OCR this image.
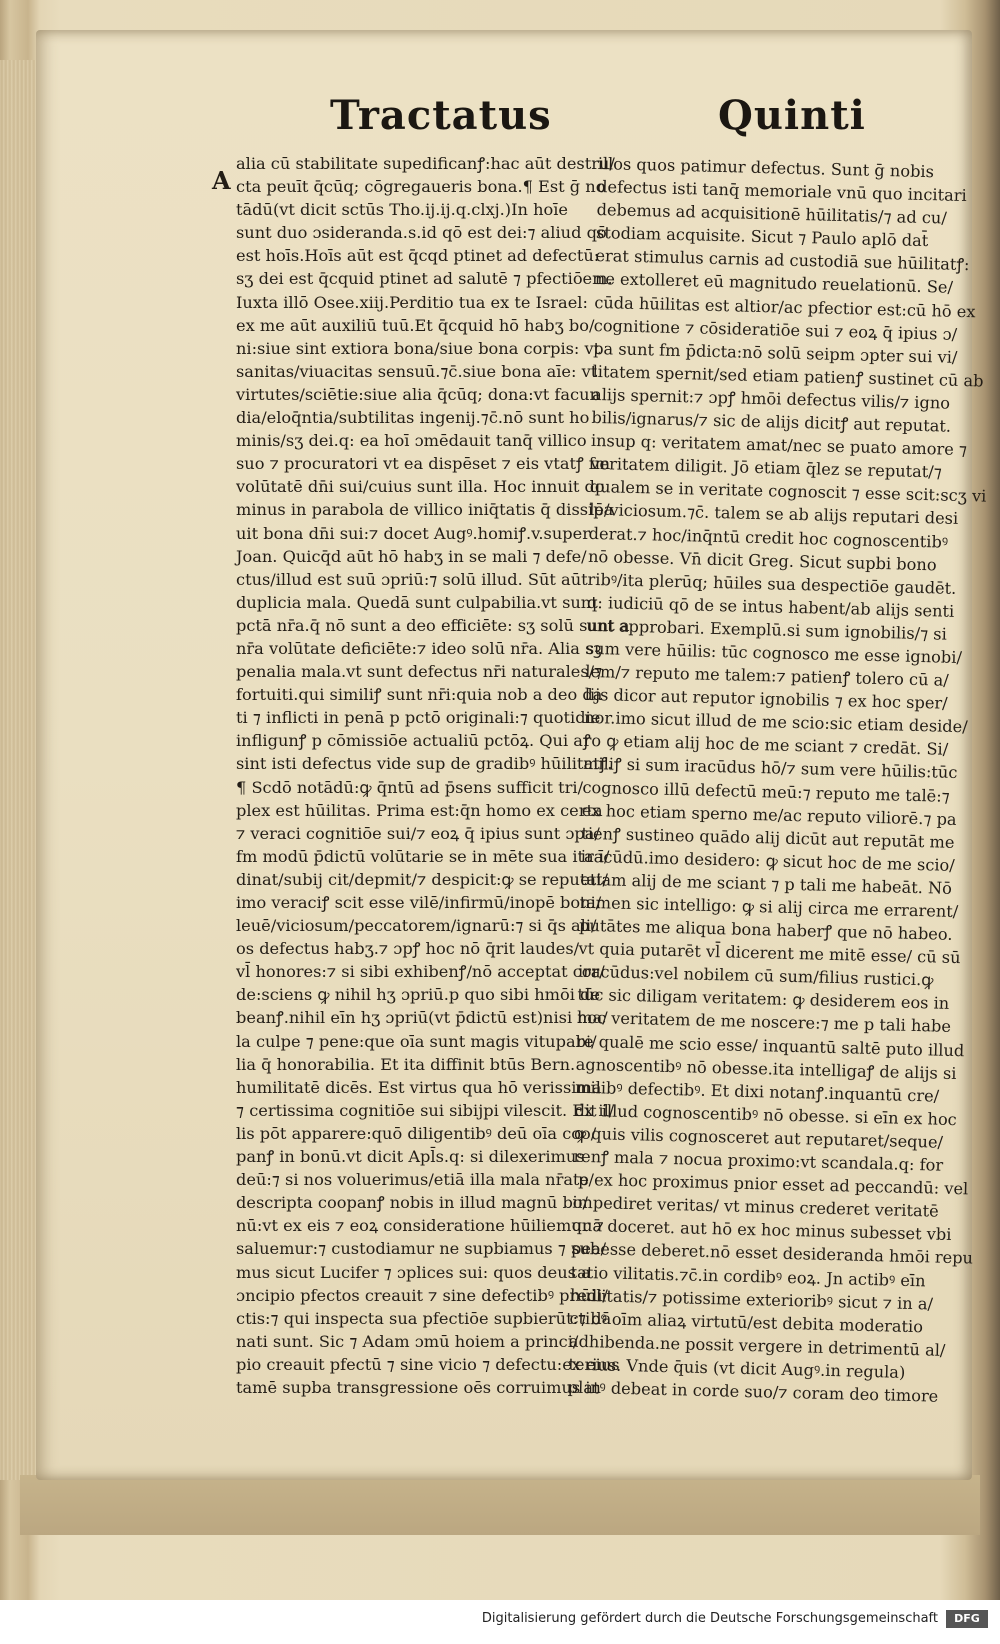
Tractatus	Quinti
A
alia cū stabilitate supedificanꝭ:hac aūt destru/
cta peuīt q̄cūq; cōgregaueris bona.¶ Est ḡ no
tādū(vt dicit sctūs Tho.ij.ij.q.clxj.)In hoīe
sunt duo ɔsideranda.s.id qō est dei:⁊ aliud qō
est hoīs.Hoīs aūt est q̄cqd ptinet ad defectū:
sʒ dei est q̄cquid ptinet ad salutē ⁊ pfectiōem.
Iuxta illō Osee.xiij.Perditio tua ex te Israel:
ex me aūt auxiliū tuū.Et q̄cquid hō habʒ bo/
ni:siue sint extiora bona/siue bona corpis: vt
sanitas/viuacitas sensuū.⁊c̄.siue bona aīe: vt
virtutes/sciētie:siue alia q̄cūq; dona:vt facun
dia/eloq̄ntia/subtilitas ingenij.⁊c̄.nō sunt ho
minis/sʒ dei.q: ea hoī ɔmēdauit tanq̄ villico
suo ⁊ procuratori vt ea dispēset ⁊ eis vtatꝭ fm
volūtatē dn̄i sui/cuius sunt illa. Hoc innuit do
minus in parabola de villico iniq̄tatis q̄ dissipa
uit bona dn̄i sui:⁊ docet Augꝰ.homiꝭ.v.super
Joan. Quicq̄d aūt hō habʒ in se mali ⁊ defe/
ctus/illud est suū ɔpriū:⁊ solū illud. Sūt aūt
duplicia mala. Quedā sunt culpabilia.vt sunt
pctā nr̄a.q̄ nō sunt a deo efficiēte: sʒ solū sunt a
nr̄a volūtate deficiēte:⁊ ideo solū nr̄a. Alia sꝫ
penalia mala.vt sunt defectus nr̄i naturales/⁊
fortuiti.qui similiꝭ sunt nr̄i:quia nob a deo da
ti ⁊ inflicti in penā p pctō originali:⁊ quotidie
infligunꝭ p cōmissiōe actualiū pctōꝝ. Qui aꝭ
sint isti defectus vide sup de gradibꝰ hūilitatꝭ.
¶ Scdō notādū:ꝙ q̄ntū ad p̄sens sufficit tri/
plex est hūilitas. Prima est:q̄n homo ex certa
⁊ veraci cognitiōe sui/⁊ eoꝝ q̄ ipius sunt ɔpa/
fm modū p̄dictū volūtarie se in mēte sua ita ī/
dinat/subij cit/depmit/⁊ despicit:ꝙ se reputat/
imo veraciꝭ scit esse vilē/infirmū/inopē boni/
leuē/viciosum/peccatorem/ignarū:⁊ si q̄s ali/
os defectus habʒ.⁊ ɔpꝭ hoc nō q̄rit laudes/
vl̄ honores:⁊ si sibi exhibenꝭ/nō acceptat cor/
de:sciens ꝙ nihil hʒ ɔpriū.p quo sibi hmōi de
beanꝭ.nihil eīn hʒ ɔpriū(vt p̄dictū est)nisi ma/
la culpe ⁊ pene:que oīa sunt magis vitupabi/
lia q̄ honorabilia. Et ita diffinit btūs Bern.
humilitatē dicēs. Est virtus qua hō verissima
⁊ certissima cognitiōe sui sibijpi vilescit. Ex il/
lis pōt apparere:quō diligentibꝰ deū oīa coo/
panꝭ in bonū.vt dicit Apl̄s.q: si dilexerimus
deū:⁊ si nos voluerimus/etiā illa mala nr̄a p/
descripta coopanꝭ nobis in illud magnū bo/
nū:vt ex eis ⁊ eoꝝ consideratione hūiliemur ⁊
saluemur:⁊ custodiamur ne supbiamus ⁊ pea/
mus sicut Lucifer ⁊ ɔplices sui: quos deus a
ɔncipio pfectos creauit ⁊ sine defectibꝰ predi/
ctis:⁊ qui inspecta sua pfectiōe supbierūt:⁊ dā
nati sunt. Sic ⁊ Adam ɔmū hoiem a princi/
pio creauit pfectū ⁊ sine vicio ⁊ defectu:ex eius
tamē supba transgressione oēs corruimus in
illos quos patimur defectus. Sunt ḡ nobis
defectus isti tanq̄ memoriale vnū quo incitari
debemus ad acquisitionē hūilitatis/⁊ ad cu/
stodiam acquisite. Sicut ⁊ Paulo aplō dat̄
erat stimulus carnis ad custodiā sue hūilitatꝭ:
ne extolleret eū magnitudo reuelationū. Se/
cūda hūilitas est altior/ac pfectior est:cū hō ex
cognitione ⁊ cōsideratiōe sui ⁊ eoꝝ q̄ ipius ɔ/
pa sunt fm p̄dicta:nō solū seipm ɔpter sui vi/
litatem spernit/sed etiam patienꝭ sustinet cū ab
alijs spernit:⁊ ɔpꝭ hmōi defectus vilis/⁊ igno
bilis/ignarus/⁊ sic de alijs dicitꝭ aut reputat.
insup q: veritatem amat/nec se puato amore ⁊
veritatem diligit. Jō etiam q̄lez se reputat/⁊
qualem se in veritate cognoscit ⁊ esse scit:scʒ vi
lē/viciosum.⁊c̄. talem se ab alijs reputari desi
derat.⁊ hoc/inq̄ntū credit hoc cognoscentibꝰ
nō obesse. Vn̄ dicit Greg. Sicut supbi bono
ribꝰ/ita plerūq; hūiles sua despectiōe gaudēt.
q: iudiciū qō de se intus habent/ab alijs senti
unt approbari. Exemplū.si sum ignobilis/⁊ si
sum vere hūilis: tūc cognosco me esse ignobi/
lem/⁊ reputo me talem:⁊ patienꝭ tolero cū a/
lijs dicor aut reputor ignobilis ⁊ ex hoc sper/
nor.imo sicut illud de me scio:sic etiam deside/
ro ꝙ etiam alij hoc de me sciant ⁊ credāt. Si/
miliꝭ si sum iracūdus hō/⁊ sum vere hūilis:tūc
cognosco illū defectū meū:⁊ reputo me talē:⁊
ex hoc etiam sperno me/ac reputo viliorē.⁊ pa
tienꝭ sustineo quādo alij dicūt aut reputāt me
iracūdū.imo desidero: ꝙ sicut hoc de me scio/
etiam alij de me sciant ⁊ p tali me habeāt. Nō
tamen sic intelligo: ꝙ si alij circa me errarent/
putātes me aliqua bona haberꝭ que nō habeo.
vt quia putarēt vl̄ dicerent me mitē esse/ cū sū
iracūdus:vel nobilem cū sum/filius rustici.ꝙ
tūc sic diligam veritatem: ꝙ desiderem eos in
hoc veritatem de me noscere:⁊ me p tali habe
re qualē me scio esse/ inquantū saltē puto illud
agnoscentibꝰ nō obesse.ita intelligaꝭ de alijs si
milibꝰ defectibꝰ. Et dixi notanꝭ.inquantū cre/
dit illud cognoscentibꝰ nō obesse. si eīn ex hoc
ꝙ quis vilis cognosceret aut reputaret/seque/
renꝭ mala ⁊ nocua proximo:vt scandala.q: for
te ex hoc proximus pnior esset ad peccandū: vel
impediret veritas/ vt minus crederet veritatē
quā doceret. aut hō ex hoc minus subesset vbi
subesse deberet.nō esset desideranda hmōi repu
tatio vilitatis.⁊c̄.in cordibꝰ eoꝝ. Jn actibꝰ eīn
hūilitatis/⁊ potissime exterioribꝰ sicut ⁊ in a/
ctibꝰ oīm aliaꝝ virtutū/est debita moderatio
adhibenda.ne possit vergere in detrimentū al/
terius. Vnde q̄uis (vt dicit Augꝰ.in regula)
platꝰ debeat in corde suo/⁊ coram deo timore
Digitalisierung gefördert durch die Deutsche Forschungsgemeinschaft	DFG
